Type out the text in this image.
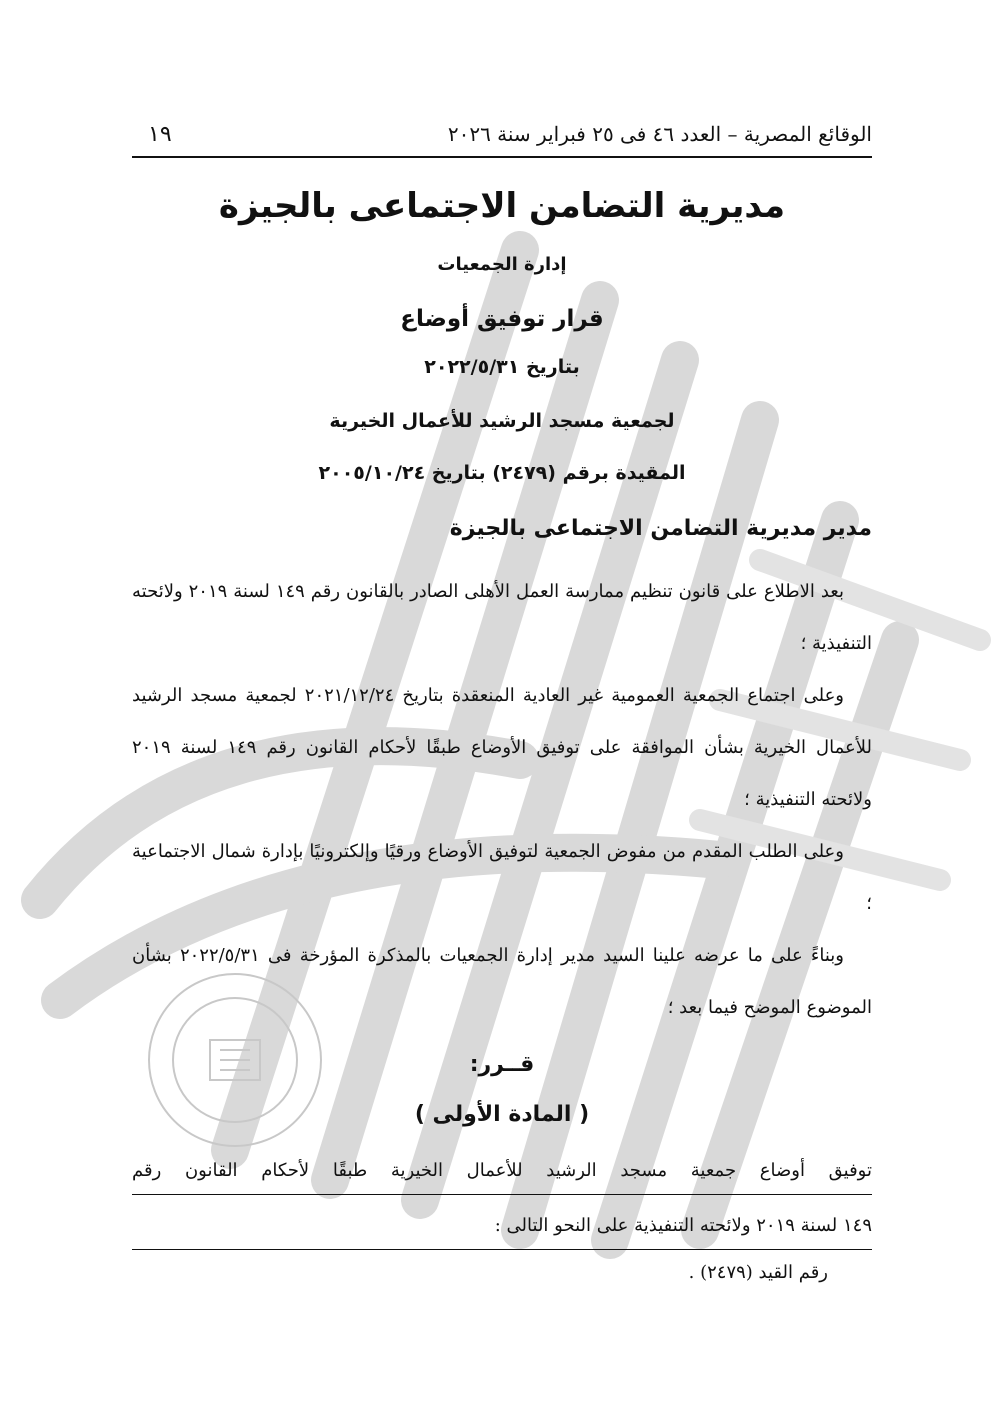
الوقائع المصرية – العدد ٤٦ فى ٢٥ فبراير سنة ٢٠٢٦
١٩
مديرية التضامن الاجتماعى بالجيزة
إدارة الجمعيات
قرار توفيق أوضاع
بتاريخ ٢٠٢٢/٥/٣١
لجمعية مسجد الرشيد للأعمال الخيرية
المقيدة برقم (٢٤٧٩) بتاريخ ٢٠٠٥/١٠/٢٤
مدير مديرية التضامن الاجتماعى بالجيزة
بعد الاطلاع على قانون تنظيم ممارسة العمل الأهلى الصادر بالقانون رقم ١٤٩ لسنة ٢٠١٩ ولائحته التنفيذية ؛
وعلى اجتماع الجمعية العمومية غير العادية المنعقدة بتاريخ ٢٠٢١/١٢/٢٤ لجمعية مسجد الرشيد للأعمال الخيرية بشأن الموافقة على توفيق الأوضاع طبقًا لأحكام القانون رقم ١٤٩ لسنة ٢٠١٩ ولائحته التنفيذية ؛
وعلى الطلب المقدم من مفوض الجمعية لتوفيق الأوضاع ورقيًا وإلكترونيًا بإدارة شمال الاجتماعية ؛
وبناءً على ما عرضه علينا السيد مدير إدارة الجمعيات بالمذكرة المؤرخة فى ٢٠٢٢/٥/٣١ بشأن الموضوع الموضح فيما بعد ؛
قــرر:
( المادة الأولى )
توفيق أوضاع جمعية مسجد الرشيد للأعمال الخيرية طبقًا لأحكام القانون رقم
١٤٩ لسنة ٢٠١٩ ولائحته التنفيذية على النحو التالى :
رقم القيد (٢٤٧٩) .
